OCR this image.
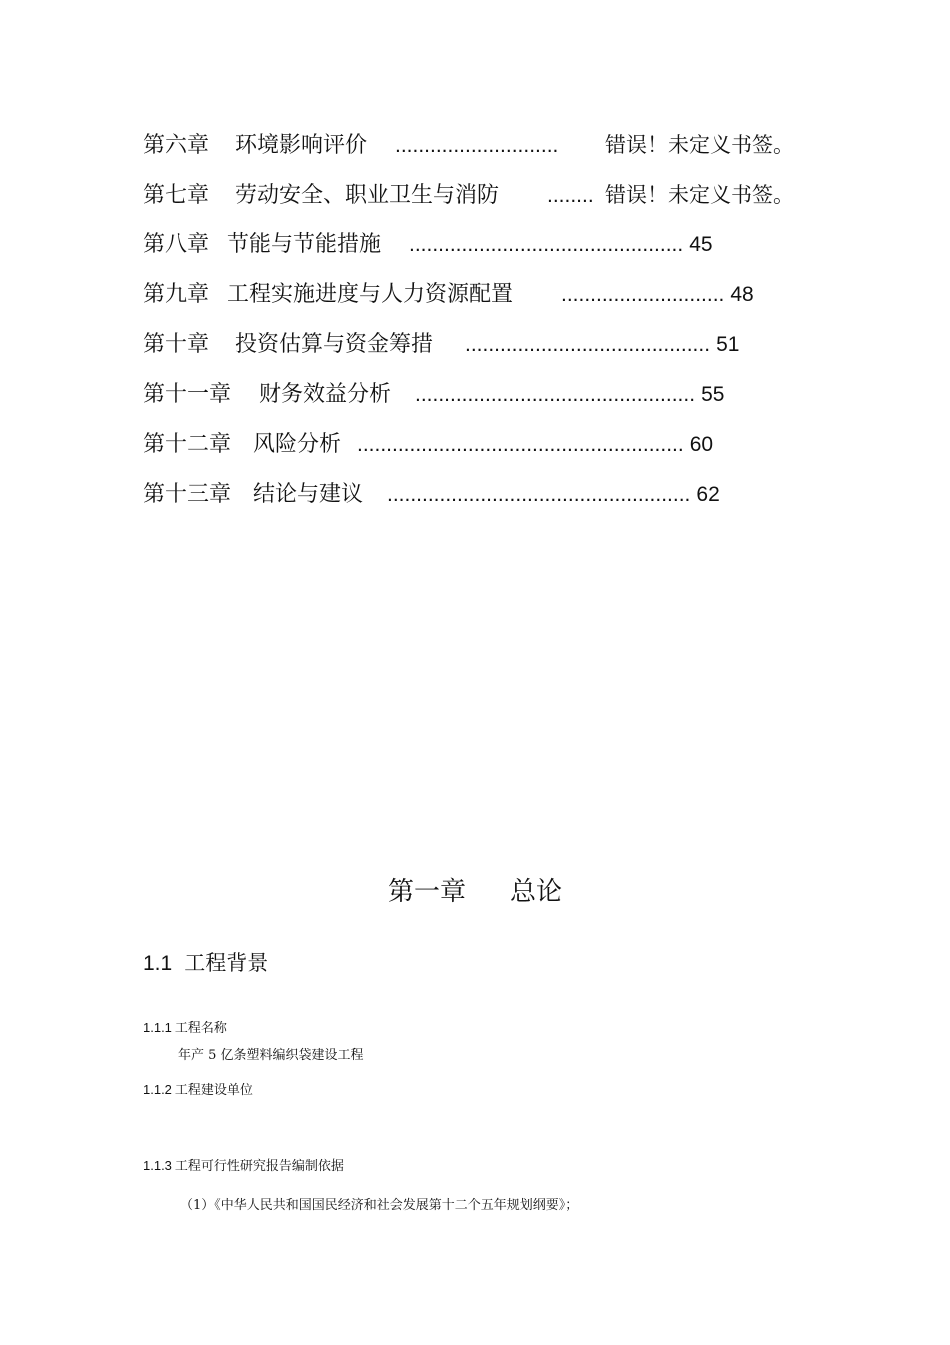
第六章 环境影响评价 ............................ 错误！未定义书签。
第七章 劳动安全、职业卫生与消防 ........ 错误！未定义书签。
第八章 节能与节能措施 ............................................... 45
第九章 工程实施进度与人力资源配置 ............................ 48
第十章 投资估算与资金筹措 .......................................... 51
第十一章 财务效益分析 ................................................ 55
第十二章 风险分析 ........................................................ 60
第十三章 结论与建议 .................................................... 62
第一章 总论
1.1 工程背景
1.1.1 工程名称
年产 5 亿条塑料编织袋建设工程
1.1.2 工程建设单位
1.1.3 工程可行性研究报告编制依据
（1）《中华人民共和国国民经济和社会发展第十二个五年规划纲要》；
